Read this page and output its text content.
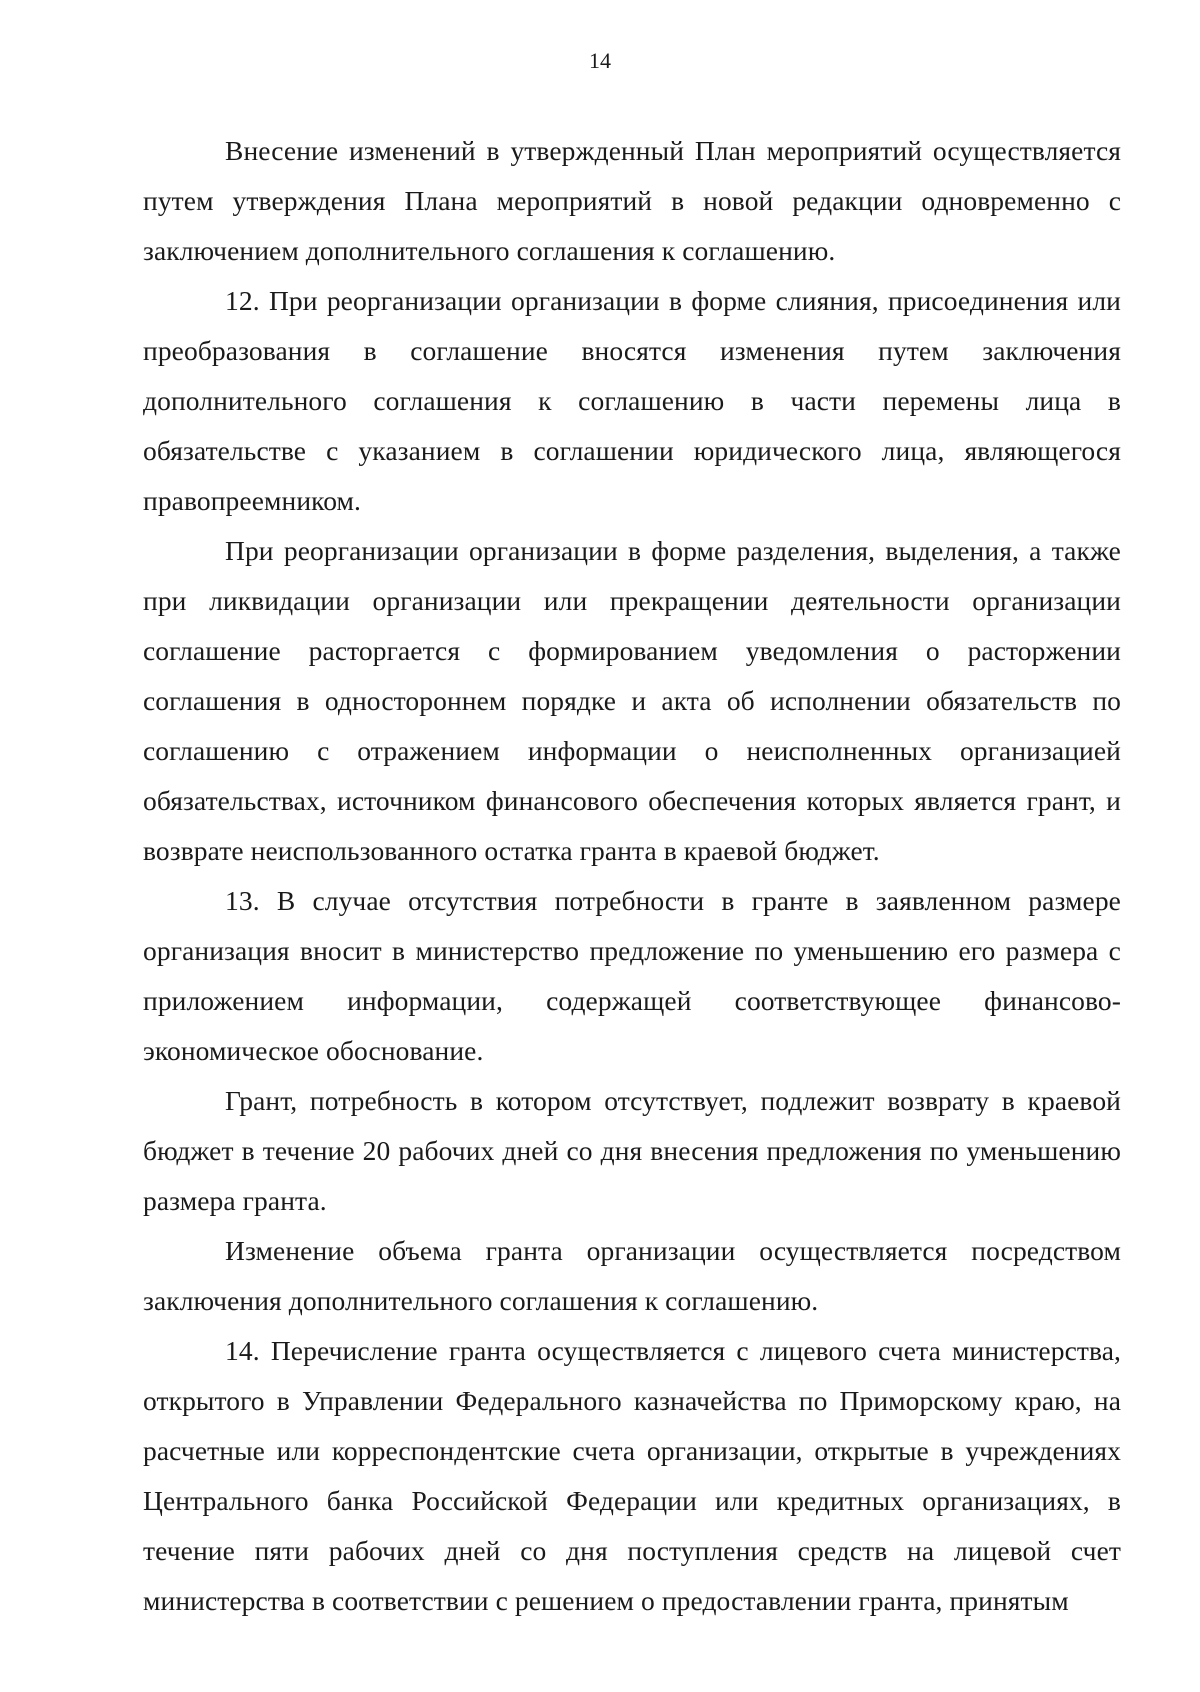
14

Внесение изменений в утвержденный План мероприятий осуществляется путем утверждения Плана мероприятий в новой редакции одновременно с заключением дополнительного соглашения к соглашению.

12. При реорганизации организации в форме слияния, присоединения или преобразования в соглашение вносятся изменения путем заключения дополнительного соглашения к соглашению в части перемены лица в обязательстве с указанием в соглашении юридического лица, являющегося правопреемником.

При реорганизации организации в форме разделения, выделения, а также при ликвидации организации или прекращении деятельности организации соглашение расторгается с формированием уведомления о расторжении соглашения в одностороннем порядке и акта об исполнении обязательств по соглашению с отражением информации о неисполненных организацией обязательствах, источником финансового обеспечения которых является грант, и возврате неиспользованного остатка гранта в краевой бюджет.

13. В случае отсутствия потребности в гранте в заявленном размере организация вносит в министерство предложение по уменьшению его размера с приложением информации, содержащей соответствующее финансово-экономическое обоснование.

Грант, потребность в котором отсутствует, подлежит возврату в краевой бюджет в течение 20 рабочих дней со дня внесения предложения по уменьшению размера гранта.

Изменение объема гранта организации осуществляется посредством заключения дополнительного соглашения к соглашению.

14. Перечисление гранта осуществляется с лицевого счета министерства, открытого в Управлении Федерального казначейства по Приморскому краю, на расчетные или корреспондентские счета организации, открытые в учреждениях Центрального банка Российской Федерации или кредитных организациях, в течение пяти рабочих дней со дня поступления средств на лицевой счет министерства в соответствии с решением о предоставлении гранта, принятым
